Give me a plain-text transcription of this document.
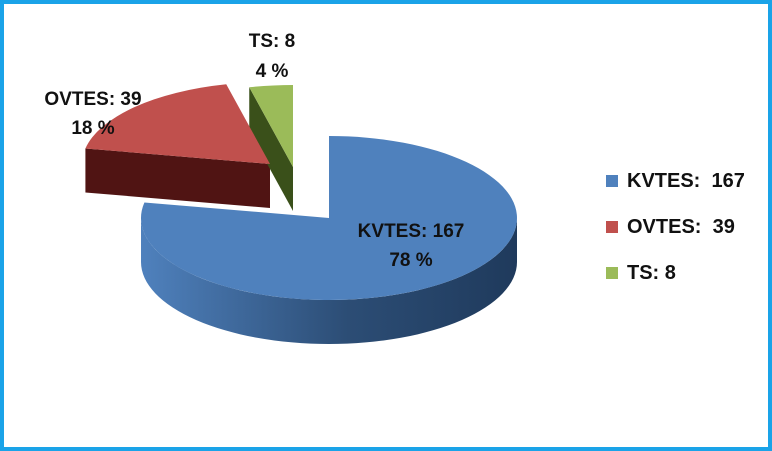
KVTES: 167
78 %
OVTES: 39
18 %
TS: 8
4 %
KVTES:  167
OVTES:  39
TS: 8
